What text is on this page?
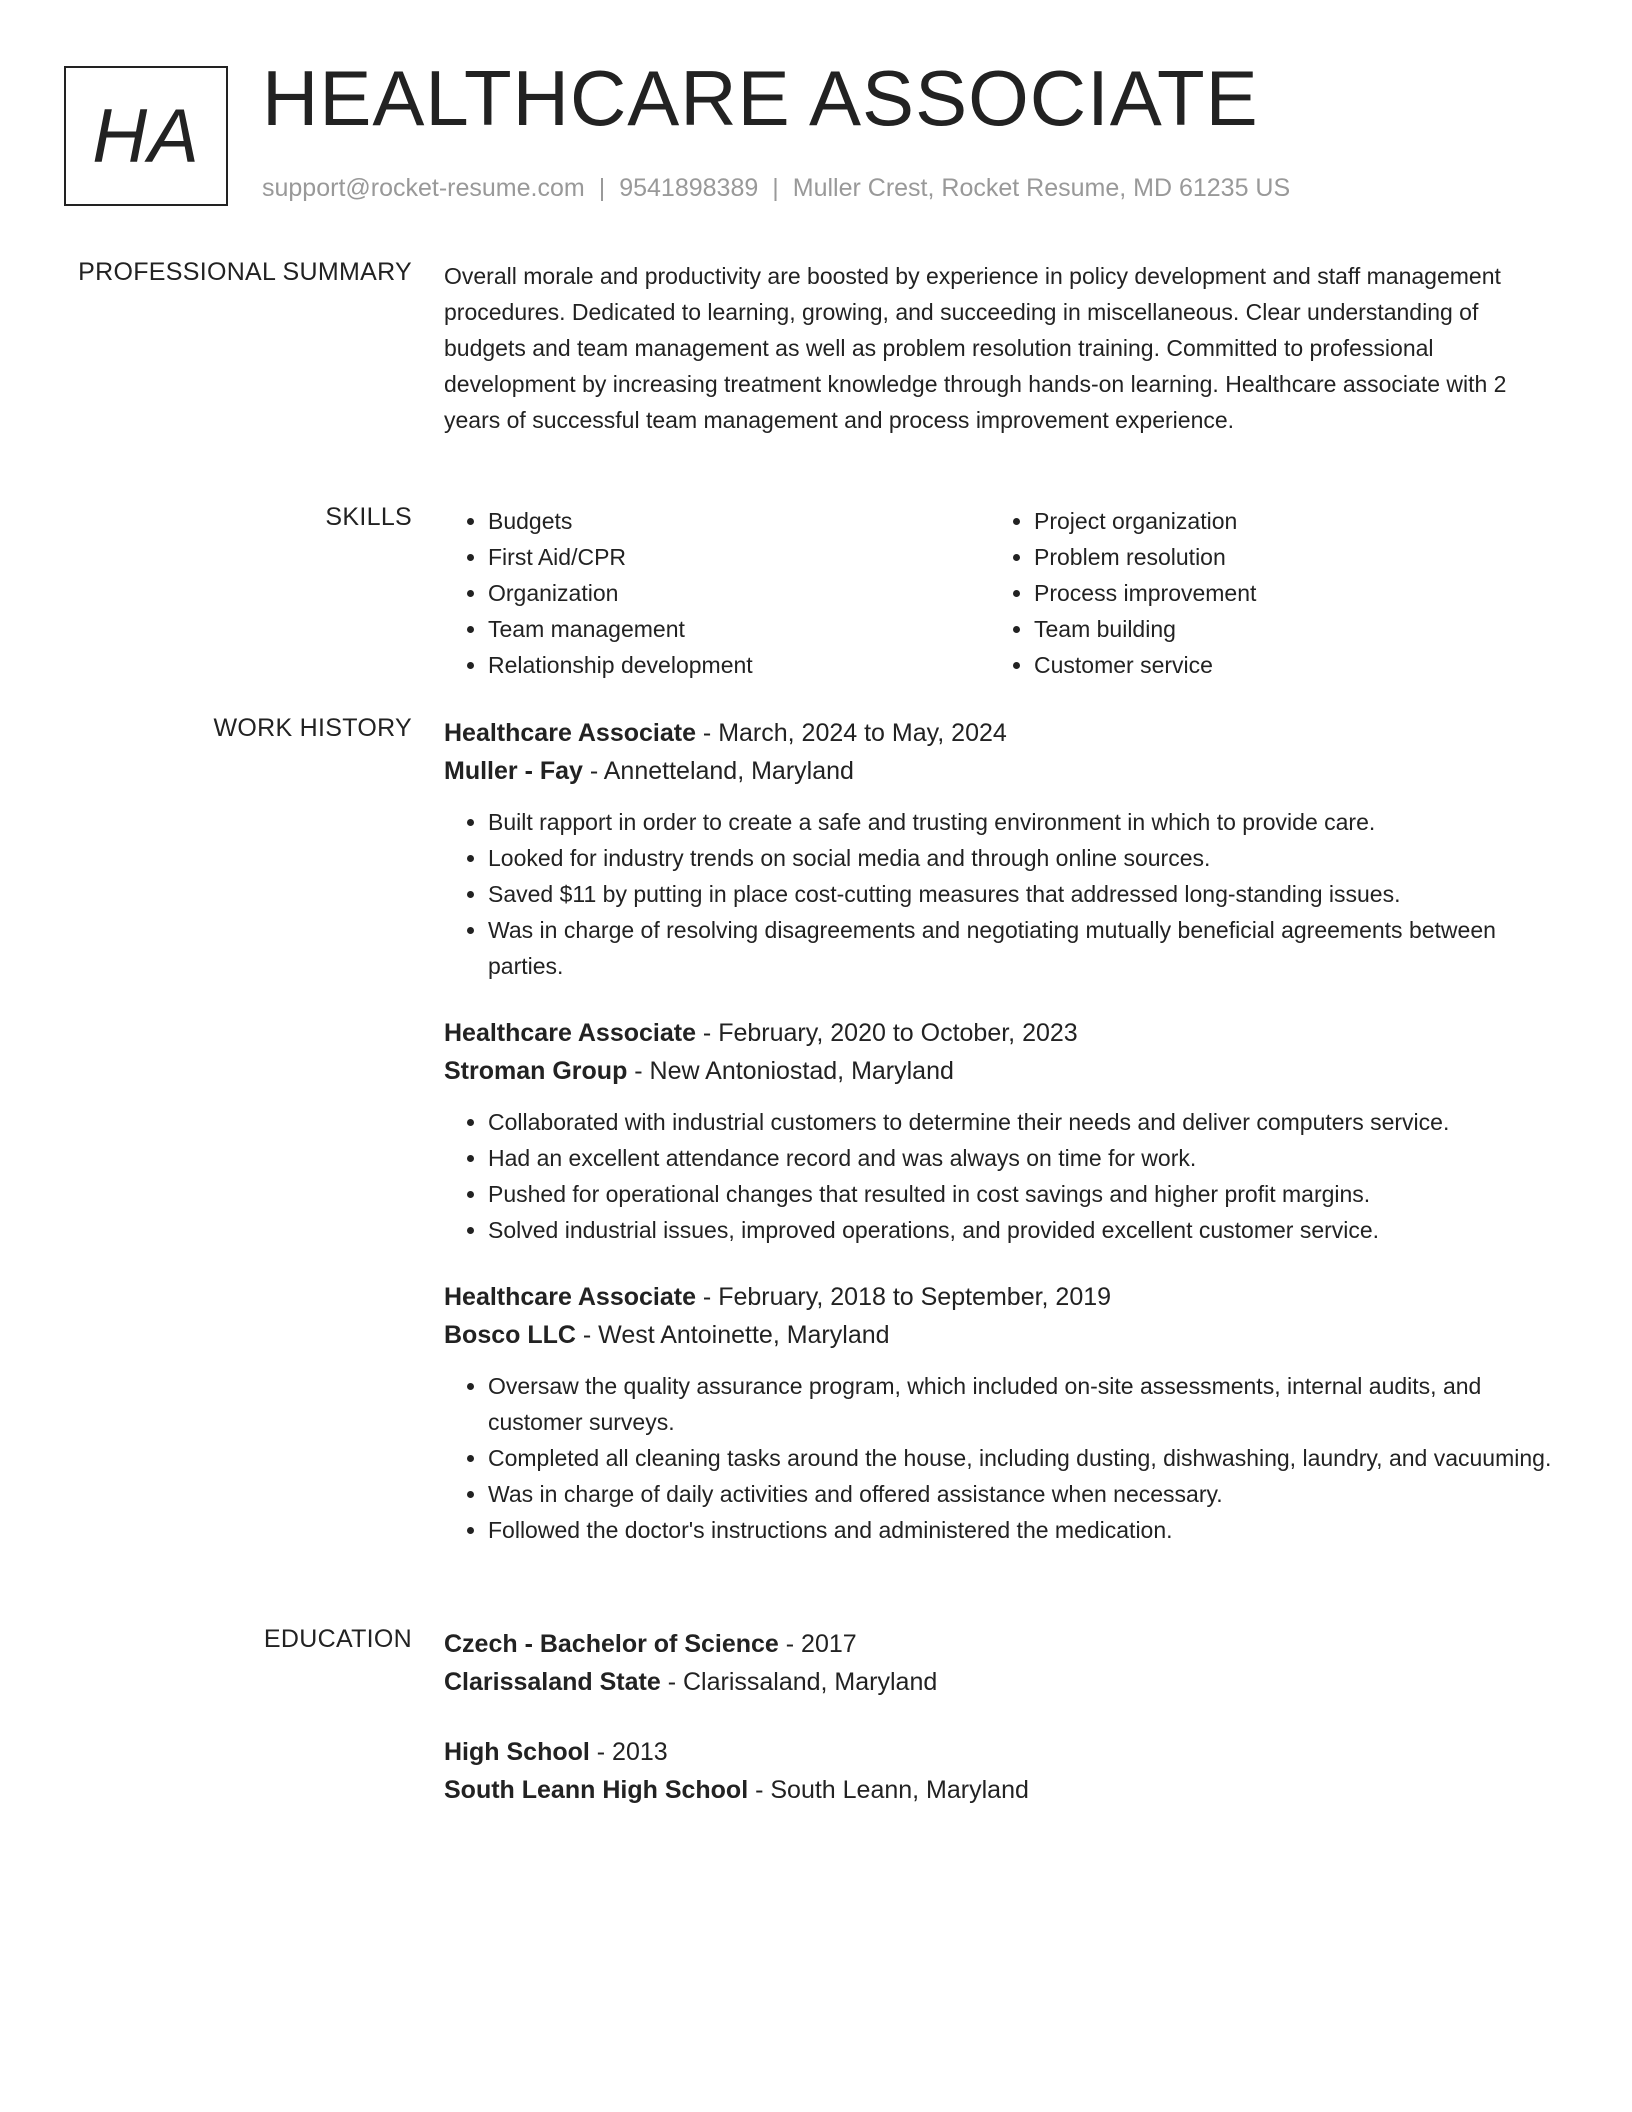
HA HEALTHCARE ASSOCIATE
support@rocket-resume.com | 9541898389 | Muller Crest, Rocket Resume, MD 61235 US
PROFESSIONAL SUMMARY Overall morale and productivity are boosted by experience in policy development and staff management procedures. Dedicated to learning, growing, and succeeding in miscellaneous. Clear understanding of budgets and team management as well as problem resolution training. Committed to professional development by increasing treatment knowledge through hands-on learning. Healthcare associate with 2 years of successful team management and process improvement experience.

SKILLS
•	Budgets
• First Aid/CPR
• Organization
• Team management
• Relationship development
• Project organization
• Problem resolution
• Process improvement
• Team building
• Customer service
WORK HISTORY Healthcare Associate - March, 2024 to May, 2024
Muller - Fay - Annetteland, Maryland
• Built rapport in order to create a safe and trusting environment in which to provide care.
• Looked for industry trends on social media and through online sources.
• Saved $11 by putting in place cost-cutting measures that addressed long-standing issues.
• Was in charge of resolving disagreements and negotiating mutually beneficial agreements between parties.
Healthcare Associate - February, 2020 to October, 2023
Stroman Group - New Antoniostad, Maryland
• Collaborated with industrial customers to determine their needs and deliver computers service.
• Had an excellent attendance record and was always on time for work.
• Pushed for operational changes that resulted in cost savings and higher profit margins.
• Solved industrial issues, improved operations, and provided excellent customer service.
Healthcare Associate - February, 2018 to September, 2019
Bosco LLC - West Antoinette, Maryland
• Oversaw the quality assurance program, which included on-site assessments, internal audits, and customer surveys.
• Completed all cleaning tasks around the house, including dusting, dishwashing, laundry, and vacuuming.
• Was in charge of daily activities and offered assistance when necessary.
• Followed the doctor's instructions and administered the medication.
EDUCATION Czech - Bachelor of Science - 2017
Clarissaland State - Clarissaland, Maryland
High School - 2013
South Leann High School - South Leann, Maryland
